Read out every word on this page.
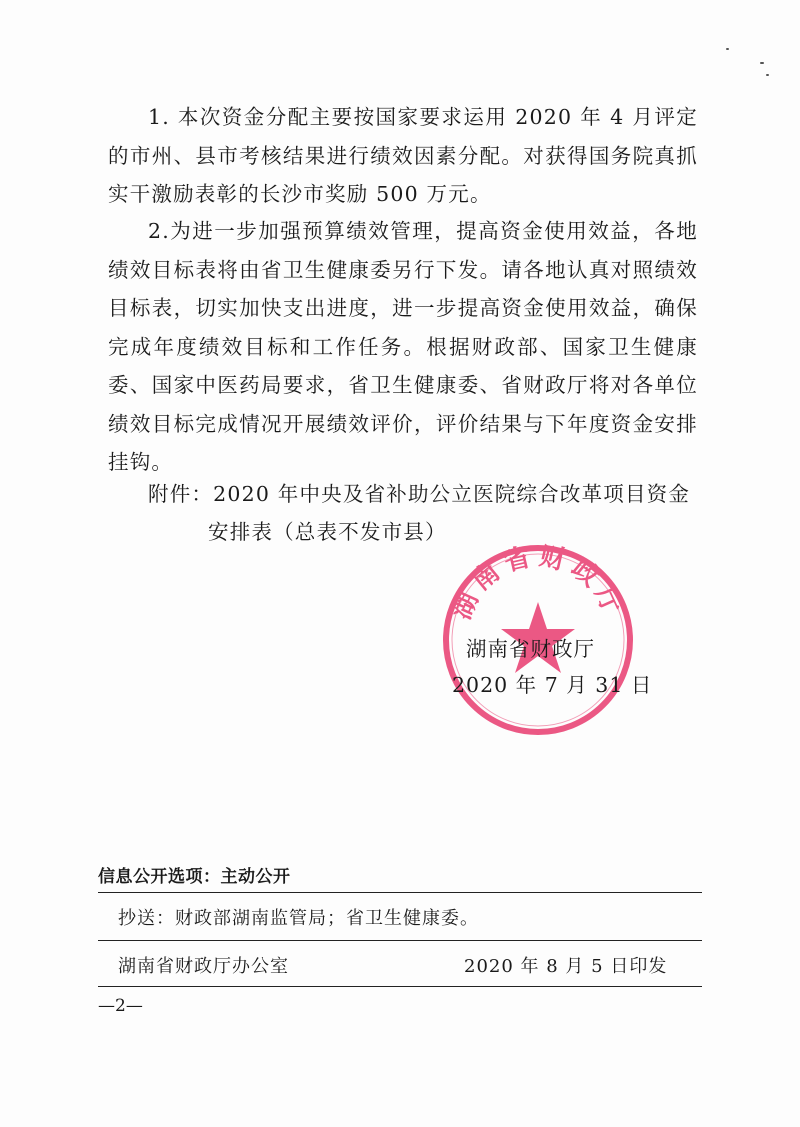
1. 本次资金分配主要按国家要求运用 2020 年 4 月评定的市州、县市考核结果进行绩效因素分配。对获得国务院真抓实干激励表彰的长沙市奖励 500 万元。

2.为进一步加强预算绩效管理，提高资金使用效益，各地绩效目标表将由省卫生健康委另行下发。请各地认真对照绩效目标表，切实加快支出进度，进一步提高资金使用效益，确保完成年度绩效目标和工作任务。根据财政部、国家卫生健康委、国家中医药局要求，省卫生健康委、省财政厅将对各单位绩效目标完成情况开展绩效评价，评价结果与下年度资金安排挂钩。

附件：2020 年中央及省补助公立医院综合改革项目资金
安排表（总表不发市县）
湖南省财政厅
湖南省财政厅
2020 年 7 月 31 日
信息公开选项：主动公开
抄送：财政部湖南监管局；省卫生健康委。
湖南省财政厅办公室	2020 年 8 月 5 日印发
—2—
